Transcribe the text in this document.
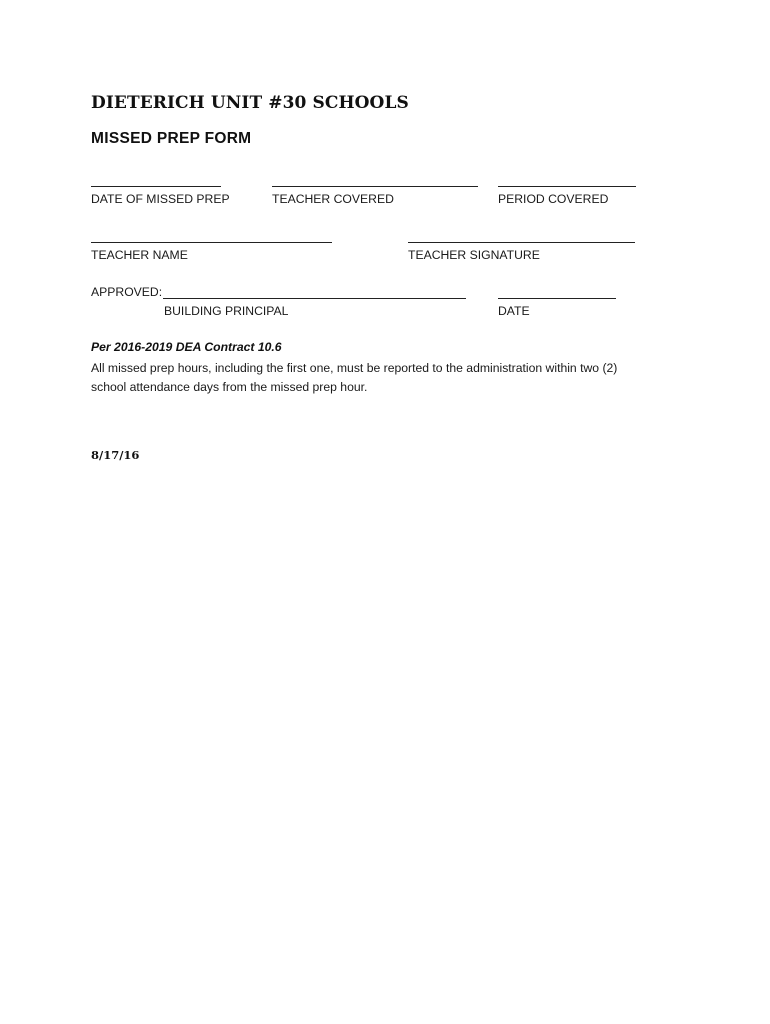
DIETERICH UNIT #30 SCHOOLS
MISSED PREP FORM
DATE OF MISSED PREP	TEACHER COVERED	PERIOD COVERED
TEACHER NAME	TEACHER SIGNATURE
APPROVED:
BUILDING PRINCIPAL	DATE
Per 2016-2019 DEA Contract 10.6
All missed prep hours, including the first one, must be reported to the administration within two (2)
school attendance days from the missed prep hour.
8/17/16
